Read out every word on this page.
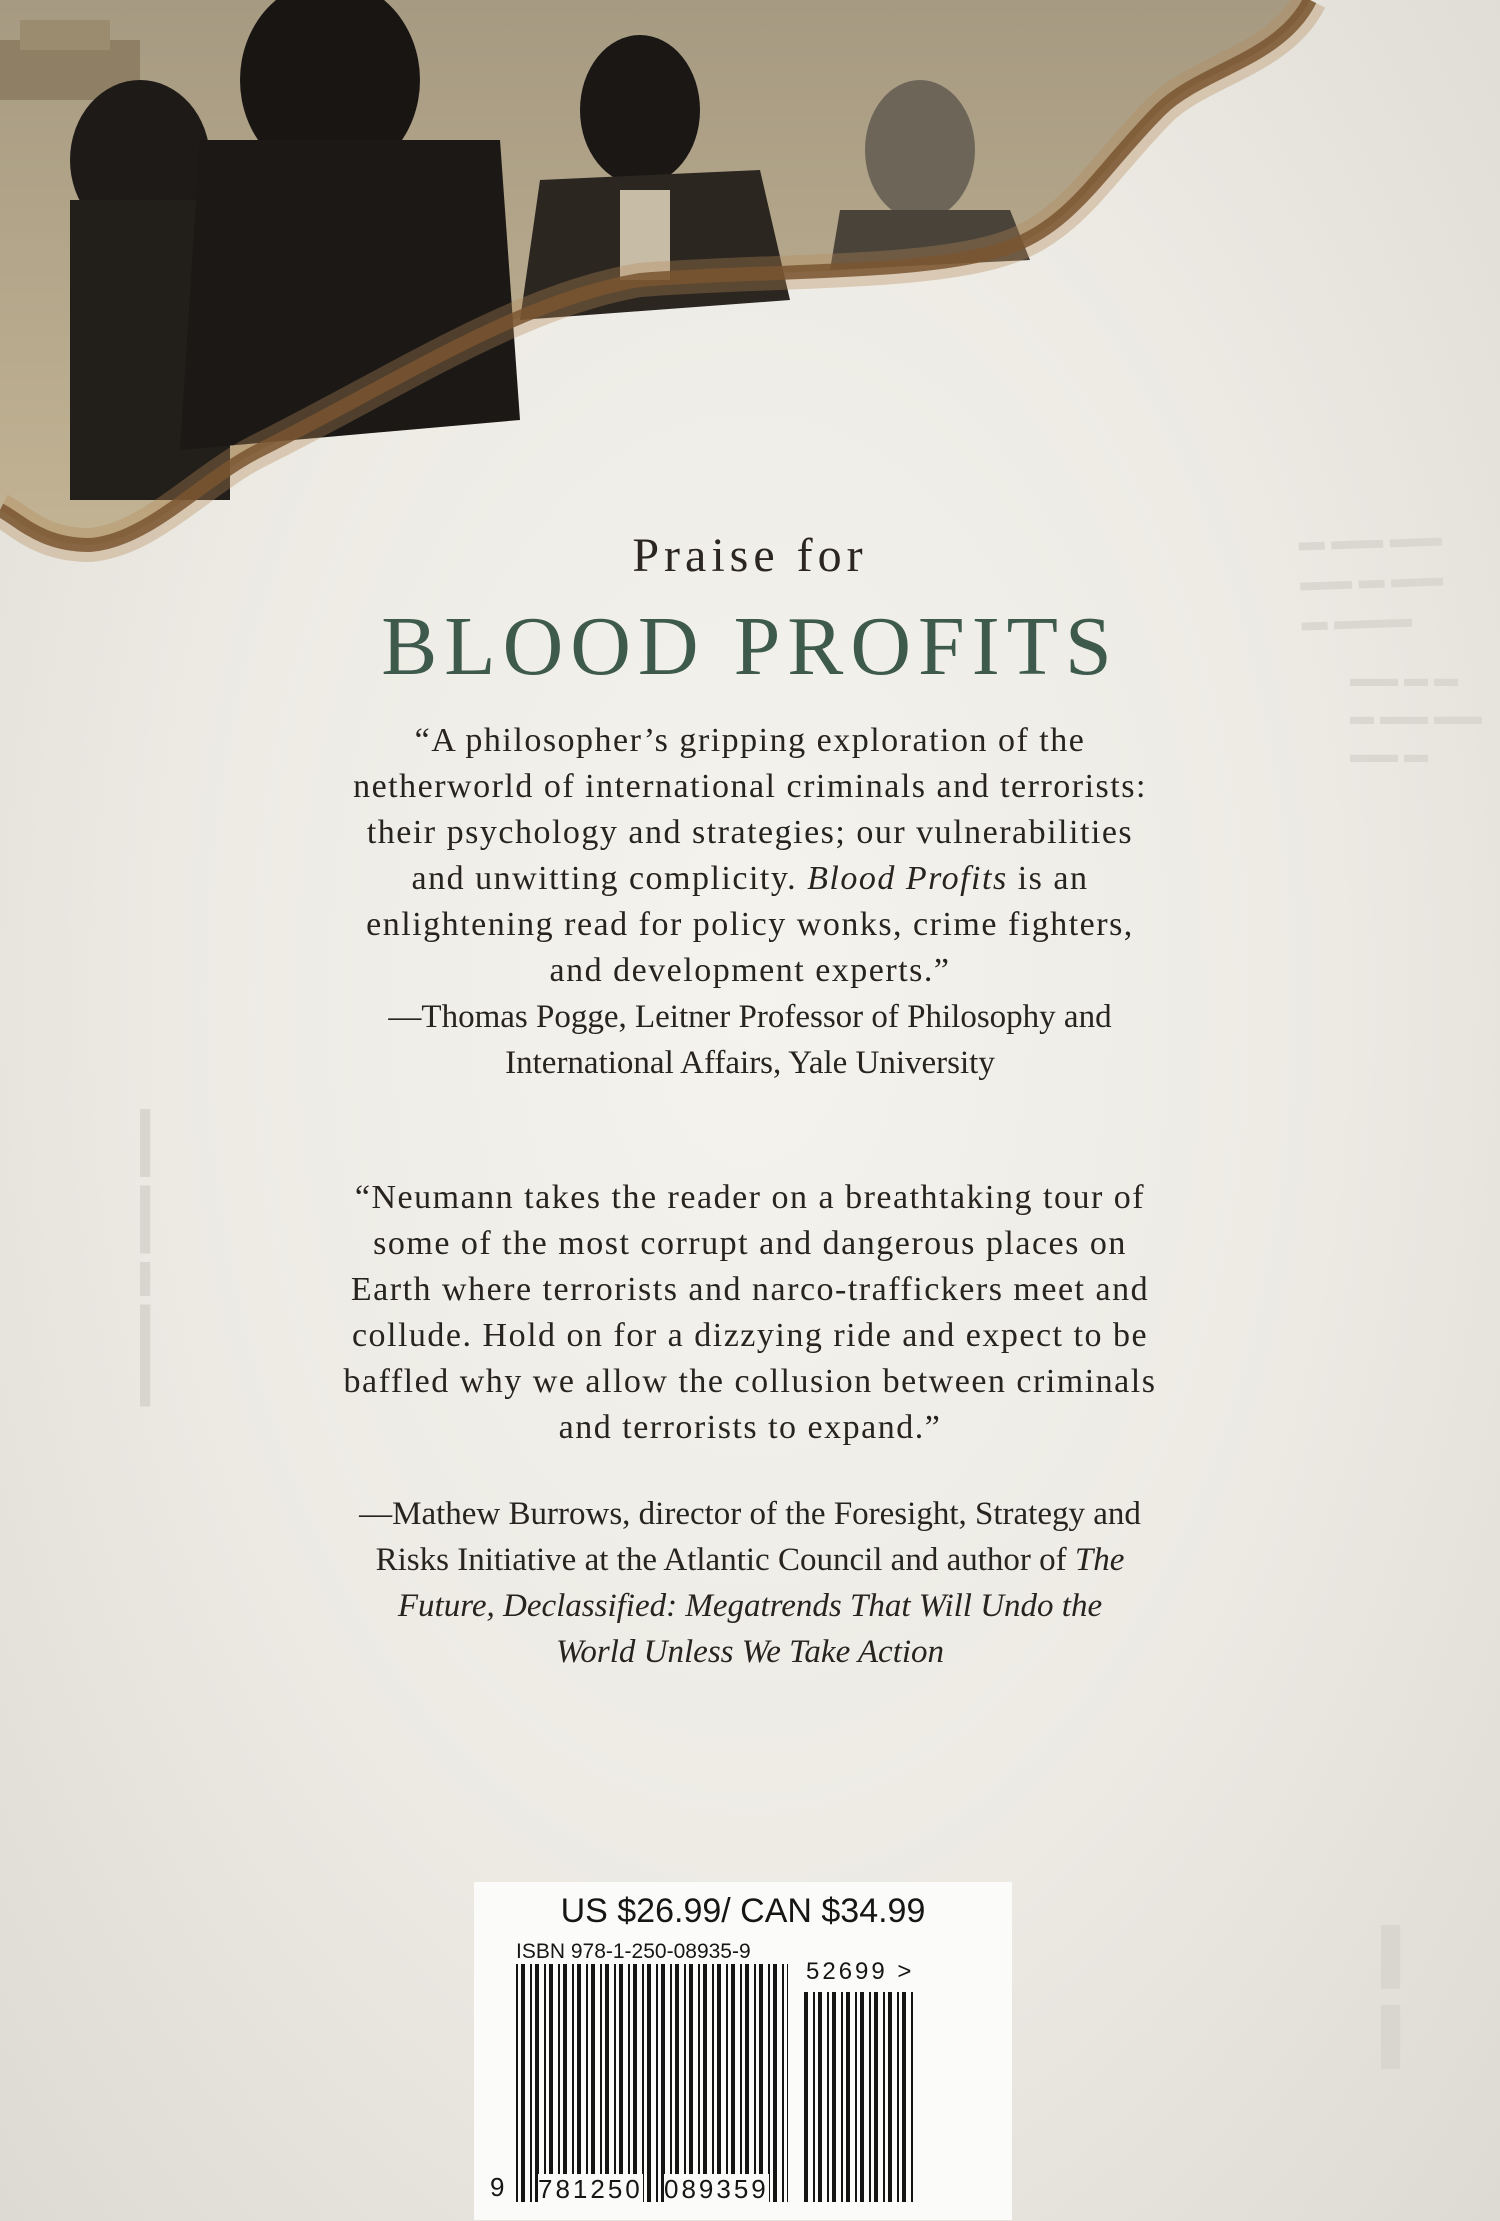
▬ ▬▬ ▬▬
▬▬ ▬ ▬▬
▬ ▬▬▬
▬▬ ▬ ▬
▬ ▬▬ ▬▬
▬▬ ▬
▬▬ ▬▬ ▬ ▬▬▬
▬ ▬
Praise for
BLOOD PROFITS
“A philosopher’s gripping exploration of the
netherworld of international criminals and terrorists:
their psychology and strategies; our vulnerabilities
and unwitting complicity. Blood Profits is an
enlightening read for policy wonks, crime fighters,
and development experts.”
—Thomas Pogge, Leitner Professor of Philosophy and
International Affairs, Yale University
“Neumann takes the reader on a breathtaking tour of
some of the most corrupt and dangerous places on
Earth where terrorists and narco-traffickers meet and
collude. Hold on for a dizzying ride and expect to be
baffled why we allow the collusion between criminals
and terrorists to expand.”
—Mathew Burrows, director of the Foresight, Strategy and
Risks Initiative at the Atlantic Council and author of The
Future, Declassified: Megatrends That Will Undo the
World Unless We Take Action
US $26.99/ CAN $34.99
ISBN 978-1-250-08935-9
52699 >
9 781250 089359
